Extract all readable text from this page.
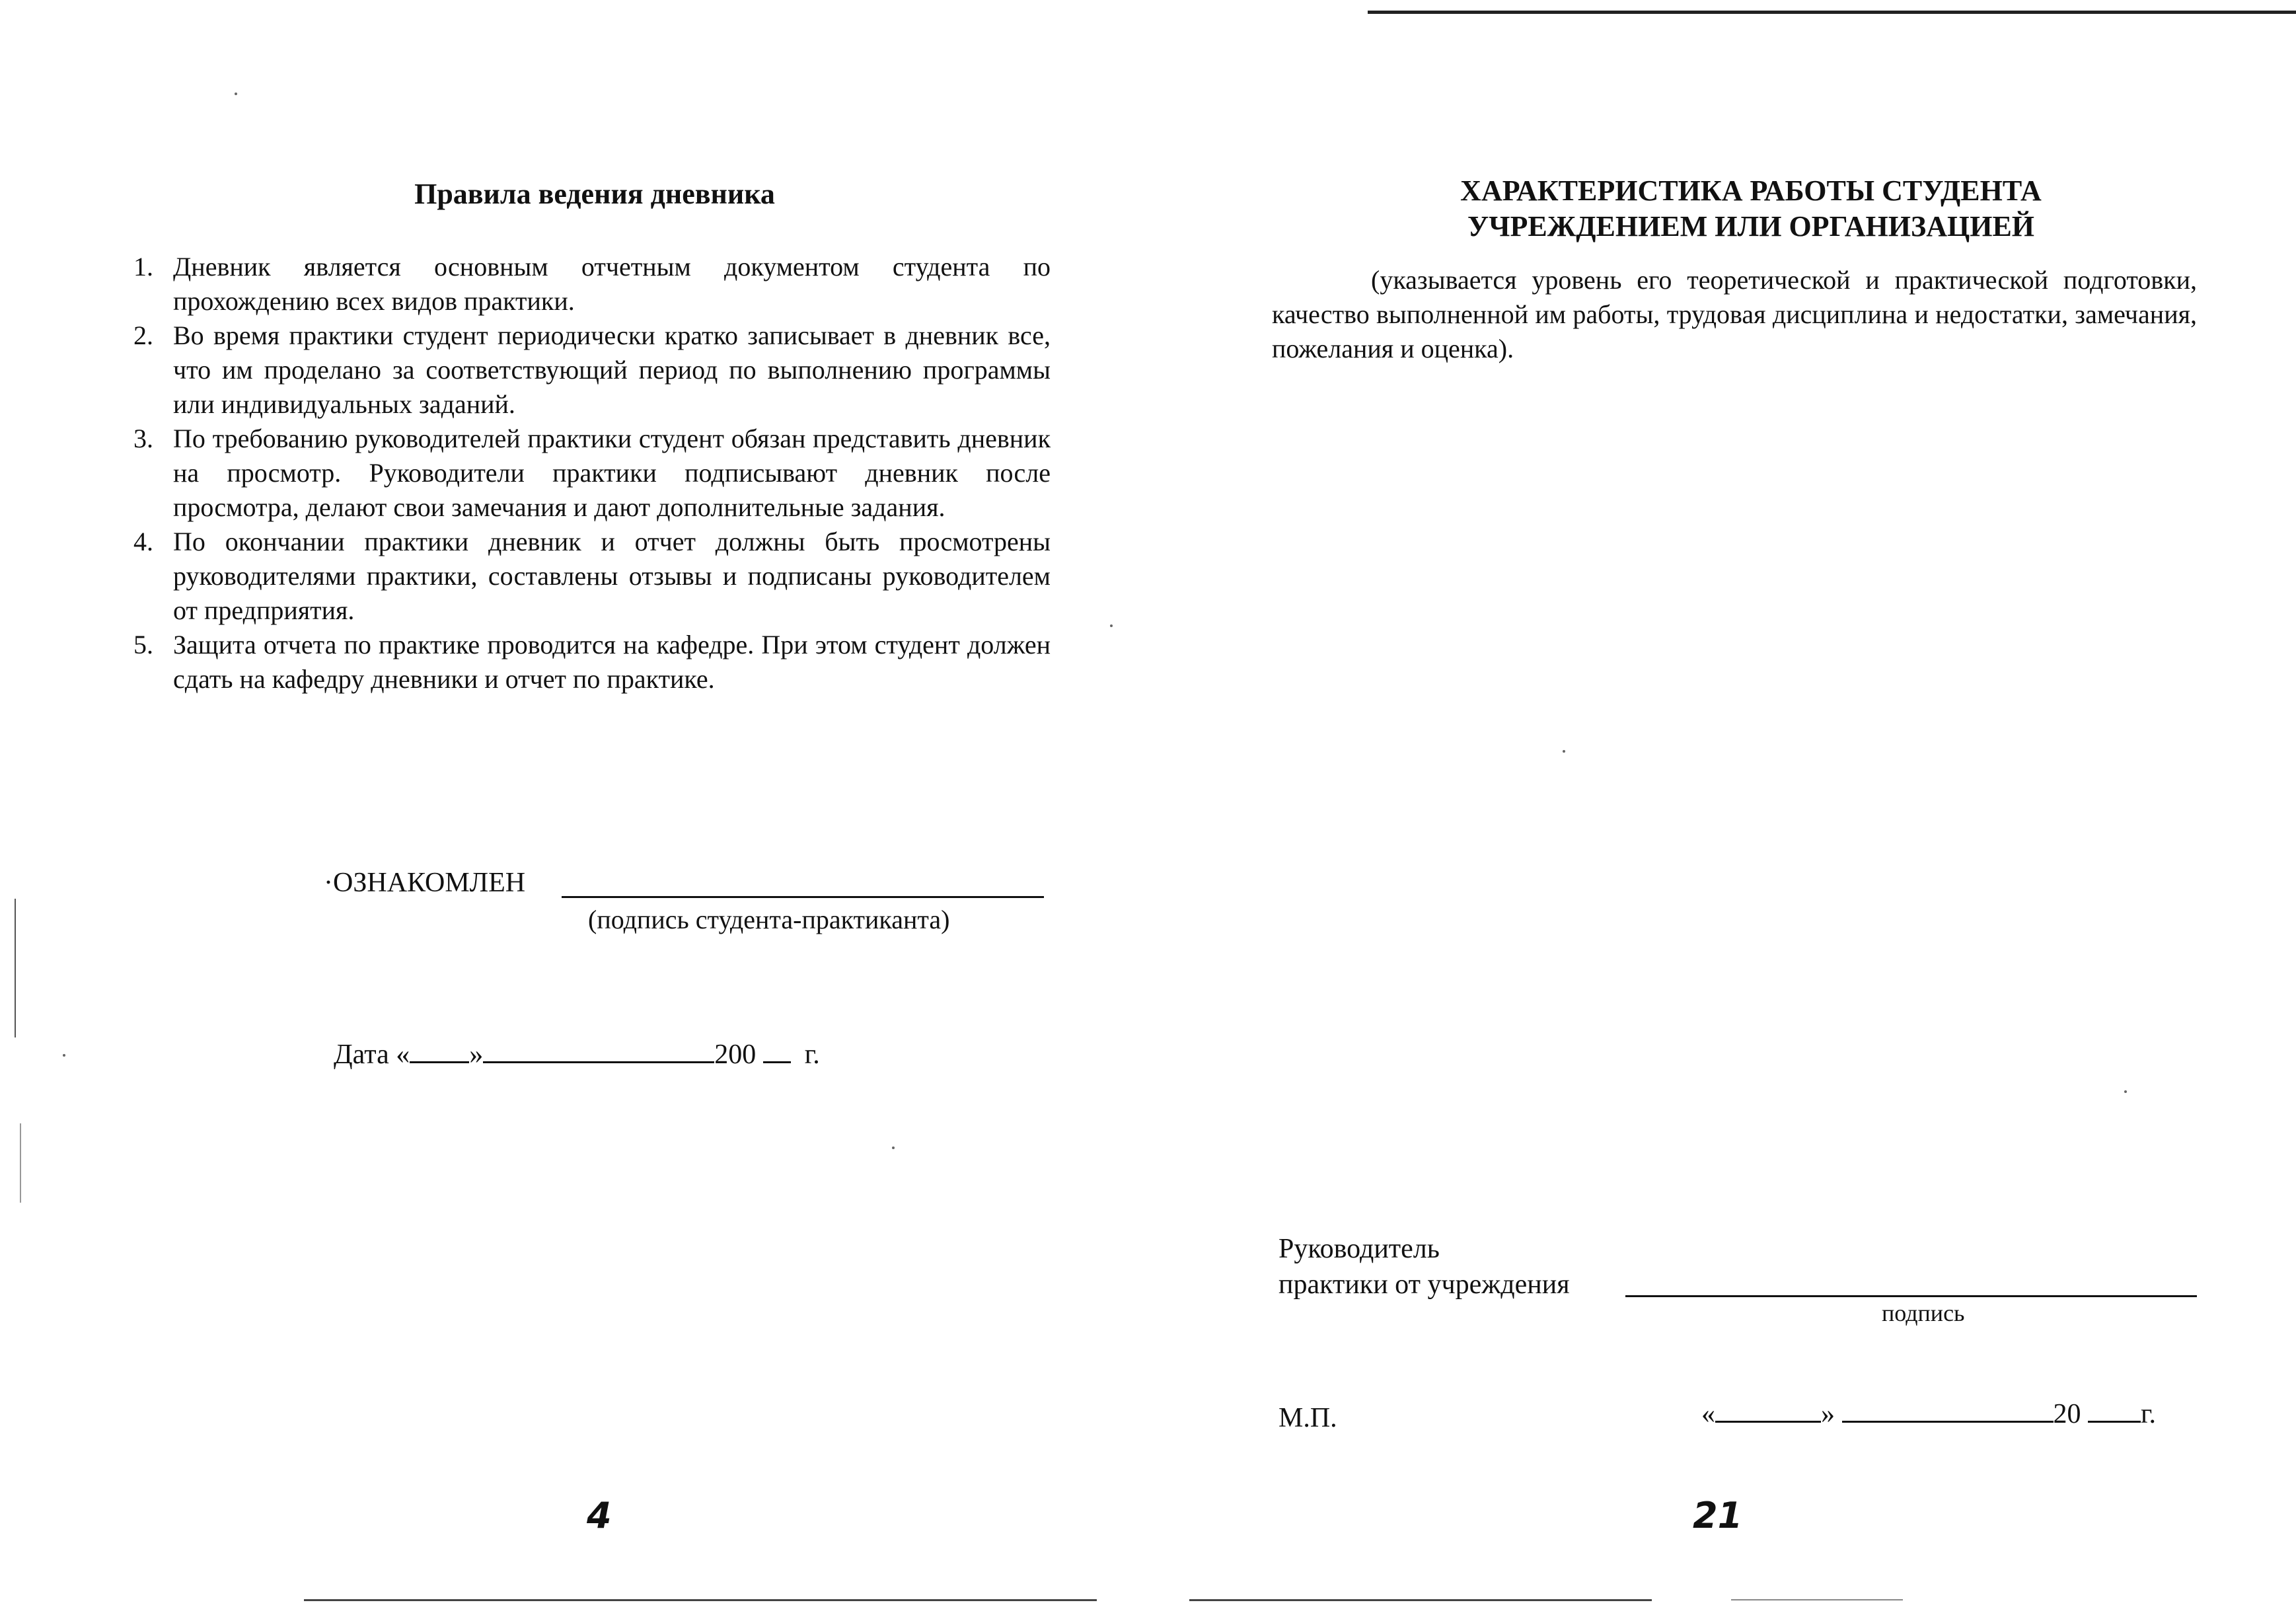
Правила ведения дневника
1. Дневник является основным отчетным документом студента по прохождению всех видов практики.
2. Во время практики студент периодически кратко записывает в дневник все, что им проделано за соответствующий период по выполнению программы или индивидуальных заданий.
3. По требованию руководителей практики студент обязан представить дневник на просмотр. Руководители практики подписывают дневник после просмотра, делают свои замечания и дают дополнительные задания.
4. По окончании практики дневник и отчет должны быть просмотрены руководителями практики, составлены отзывы и подписаны руководителем от предприятия.
5. Защита отчета по практике проводится на кафедре. При этом студент должен сдать на кафедру дневники и отчет по практике.
·ОЗНАКОМЛЕН
(подпись студента-практиканта)
Дата « »	200 г.
4
ХАРАКТЕРИСТИКА РАБОТЫ СТУДЕНТА
УЧРЕЖДЕНИЕМ ИЛИ ОРГАНИЗАЦИЕЙ
(указывается уровень его теоретической и практической подготовки, качество выполненной им работы, трудовая дисциплина и недостатки, замечания, пожелания и оценка).
Руководитель
практики от учреждения
подпись
М.П.	«	»	20 г.
21
